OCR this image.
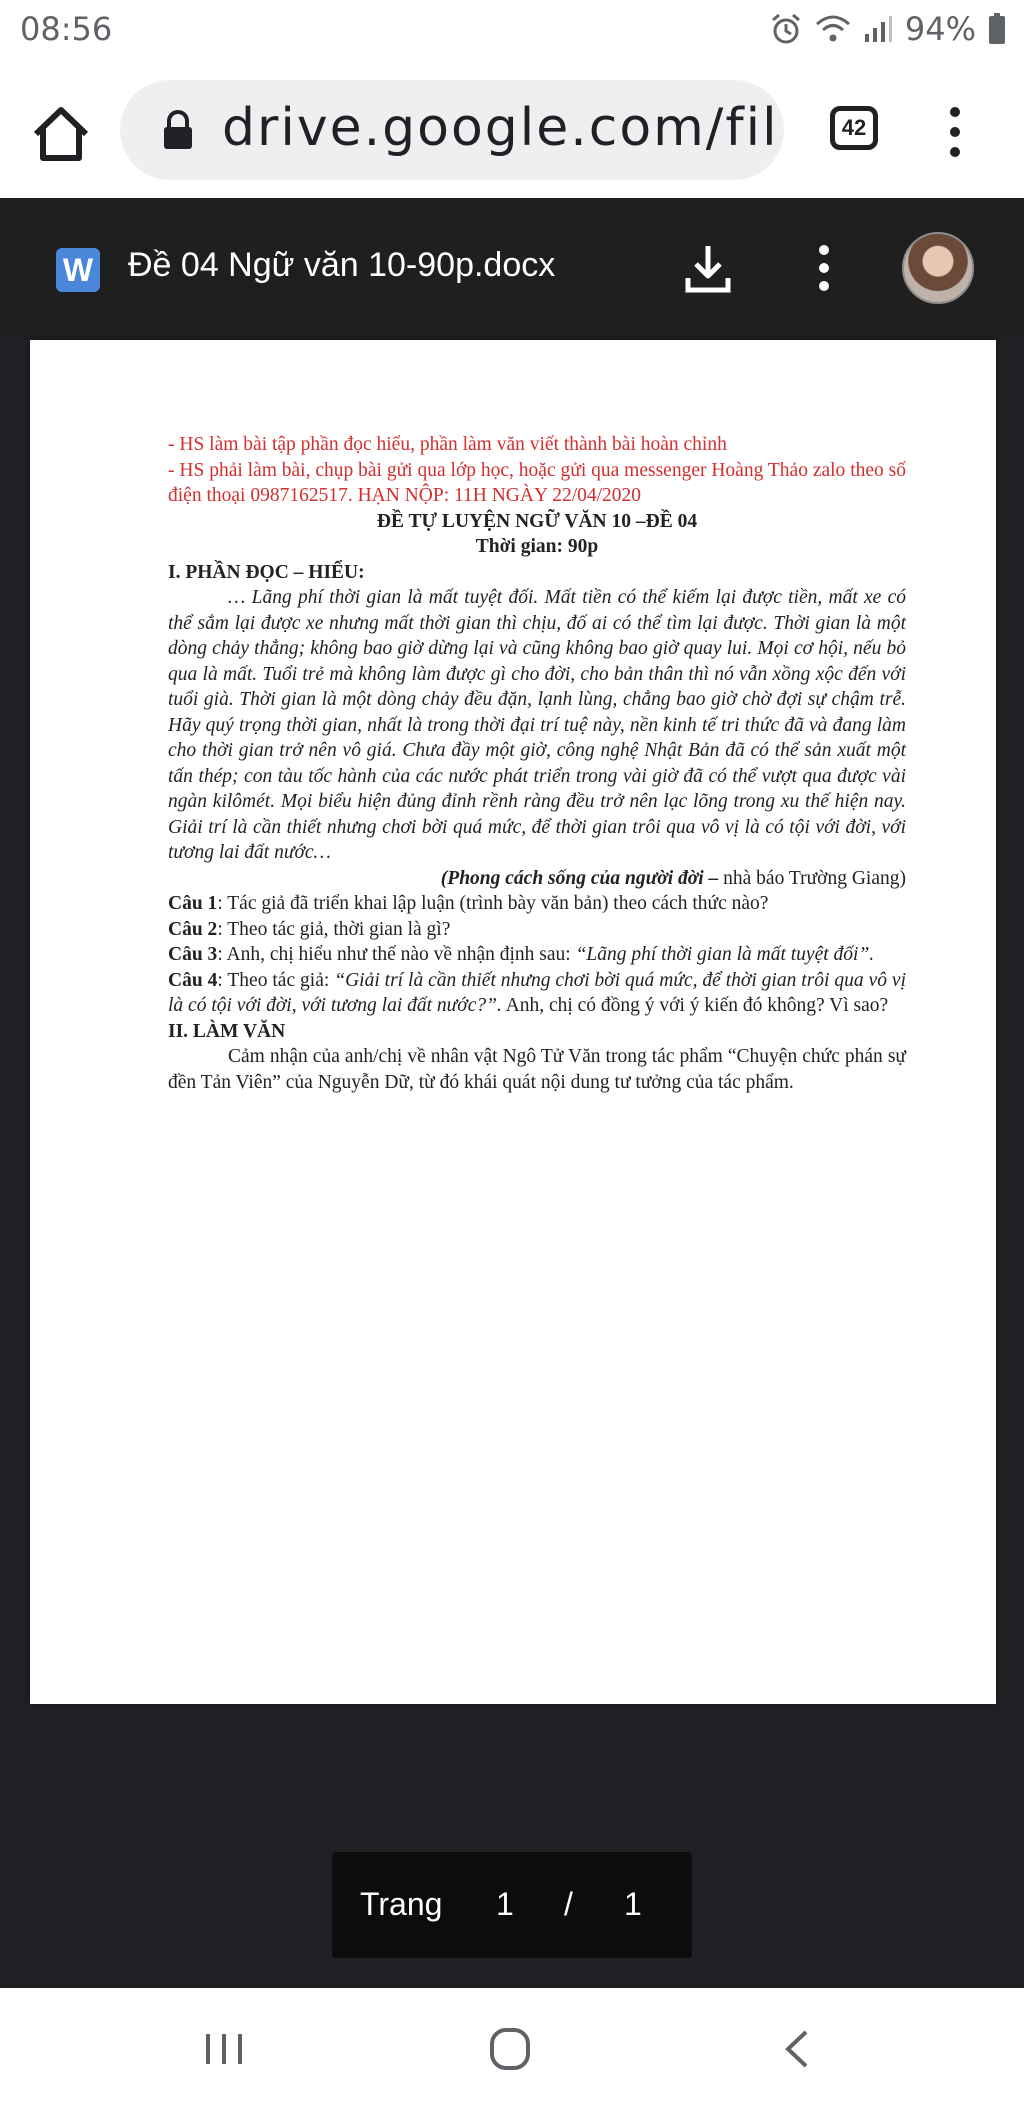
08:56	94%
drive.google.com/fil	42
W Đề 04 Ngữ văn 10-90p.docx

- HS làm bài tập phần đọc hiểu, phần làm văn viết thành bài hoàn chỉnh

- HS phải làm bài, chụp bài gửi qua lớp học, hoặc gửi qua messenger Hoàng Thảo zalo theo số điện thoại 0987162517. HẠN NỘP: 11H NGÀY 22/04/2020

ĐỀ TỰ LUYỆN NGỮ VĂN 10 –ĐỀ 04

Thời gian: 90p

I. PHẦN ĐỌC – HIỂU:

… Lãng phí thời gian là mất tuyệt đối. Mất tiền có thể kiếm lại được tiền, mất xe có thể sắm lại được xe nhưng mất thời gian thì chịu, đố ai có thể tìm lại được. Thời gian là một dòng chảy thẳng; không bao giờ dừng lại và cũng không bao giờ quay lui. Mọi cơ hội, nếu bỏ qua là mất. Tuổi trẻ mà không làm được gì cho đời, cho bản thân thì nó vẫn xồng xộc đến với tuổi già. Thời gian là một dòng chảy đều đặn, lạnh lùng, chẳng bao giờ chờ đợi sự chậm trễ. Hãy quý trọng thời gian, nhất là trong thời đại trí tuệ này, nền kinh tế tri thức đã và đang làm cho thời gian trở nên vô giá. Chưa đầy một giờ, công nghệ Nhật Bản đã có thể sản xuất một tấn thép; con tàu tốc hành của các nước phát triển trong vài giờ đã có thể vượt qua được vài ngàn kilômét. Mọi biểu hiện đủng đỉnh rềnh ràng đều trở nên lạc lõng trong xu thế hiện nay. Giải trí là cần thiết nhưng chơi bời quá mức, để thời gian trôi qua vô vị là có tội với đời, với tương lai đất nước…

(Phong cách sống của người đời – nhà báo Trường Giang)

Câu 1: Tác giả đã triển khai lập luận (trình bày văn bản) theo cách thức nào?

Câu 2: Theo tác giả, thời gian là gì?

Câu 3: Anh, chị hiểu như thế nào về nhận định sau: “Lãng phí thời gian là mất tuyệt đối”.

Câu 4: Theo tác giả: “Giải trí là cần thiết nhưng chơi bời quá mức, để thời gian trôi qua vô vị là có tội với đời, với tương lai đất nước?”. Anh, chị có đồng ý với ý kiến đó không? Vì sao?

II. LÀM VĂN

Cảm nhận của anh/chị về nhân vật Ngô Tử Văn trong tác phẩm “Chuyện chức phán sự đền Tản Viên” của Nguyễn Dữ, từ đó khái quát nội dung tư tưởng của tác phẩm.

Trang 1 / 1
